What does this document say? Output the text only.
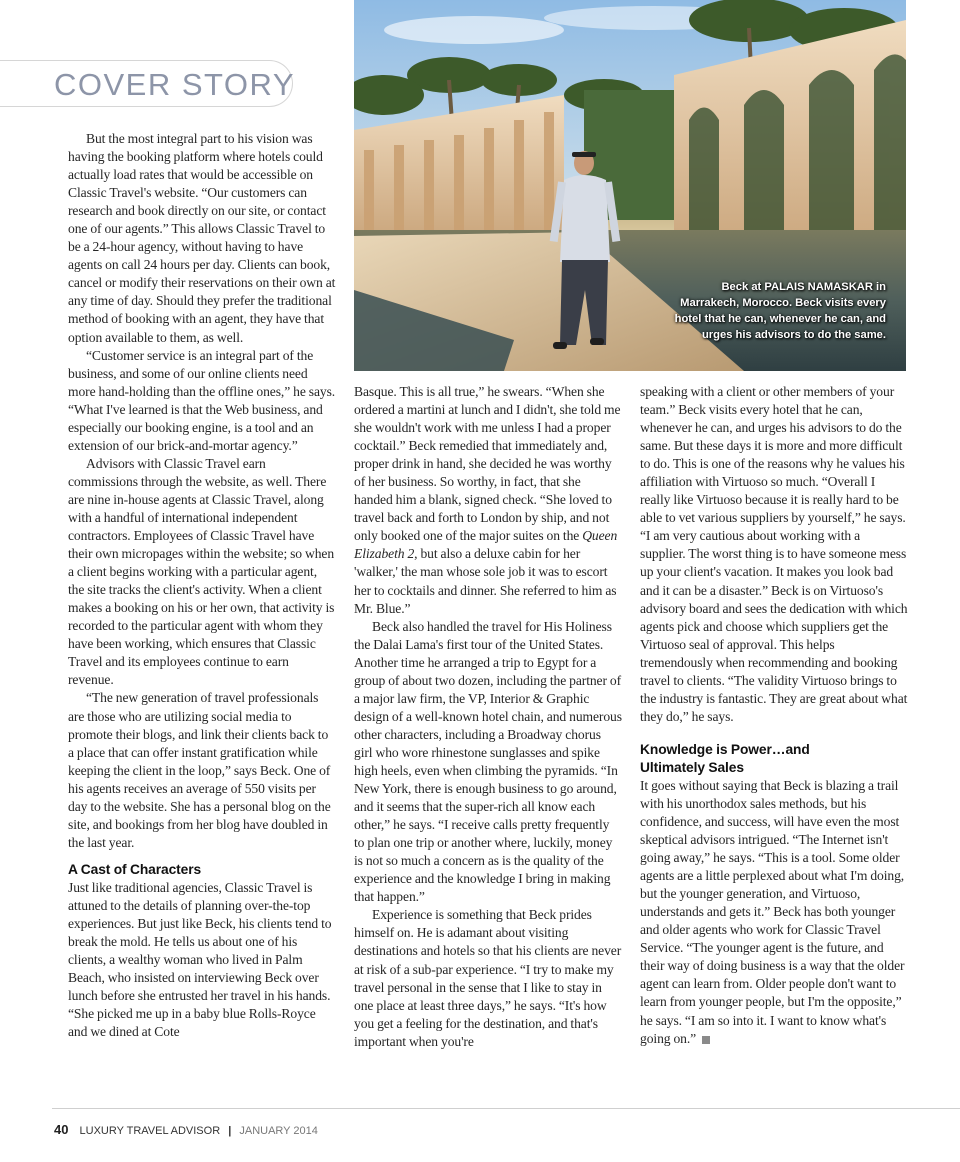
COVER STORY
Beck at PALAIS NAMASKAR in Marrakech, Morocco. Beck visits every hotel that he can, whenever he can, and urges his advisors to do the same.

But the most integral part to his vision was having the booking platform where hotels could actually load rates that would be accessible on Classic Travel's website. “Our customers can research and book directly on our site, or contact one of our agents.” This allows Classic Travel to be a 24-hour agency, without having to have agents on call 24 hours per day. Clients can book, cancel or modify their reservations on their own at any time of day. Should they prefer the traditional method of booking with an agent, they have that option available to them, as well.

“Customer service is an integral part of the business, and some of our online clients need more hand-holding than the offline ones,” he says. “What I've learned is that the Web business, and especially our booking engine, is a tool and an extension of our brick-and-mortar agency.”

Advisors with Classic Travel earn commissions through the website, as well. There are nine in-house agents at Classic Travel, along with a handful of international independent contractors. Employees of Classic Travel have their own micropages within the website; so when a client begins working with a particular agent, the site tracks the client's activity. When a client makes a booking on his or her own, that activity is recorded to the particular agent with whom they have been working, which ensures that Classic Travel and its employees continue to earn revenue.

“The new generation of travel professionals are those who are utilizing social media to promote their blogs, and link their clients back to a place that can offer instant gratification while keeping the client in the loop,” says Beck. One of his agents receives an average of 550 visits per day to the website. She has a personal blog on the site, and bookings from her blog have doubled in the last year.

A Cast of Characters

Just like traditional agencies, Classic Travel is attuned to the details of planning over-the-top experiences. But just like Beck, his clients tend to break the mold. He tells us about one of his clients, a wealthy woman who lived in Palm Beach, who insisted on interviewing Beck over lunch before she entrusted her travel in his hands. “She picked me up in a baby blue Rolls-Royce and we dined at Cote

Basque. This is all true,” he swears. “When she ordered a martini at lunch and I didn't, she told me she wouldn't work with me unless I had a proper cocktail.” Beck remedied that immediately and, proper drink in hand, she decided he was worthy of her business. So worthy, in fact, that she handed him a blank, signed check. “She loved to travel back and forth to London by ship, and not only booked one of the major suites on the Queen Elizabeth 2, but also a deluxe cabin for her 'walker,' the man whose sole job it was to escort her to cocktails and dinner. She referred to him as Mr. Blue.”

Beck also handled the travel for His Holiness the Dalai Lama's first tour of the United States. Another time he arranged a trip to Egypt for a group of about two dozen, including the partner of a major law firm, the VP, Interior & Graphic design of a well-known hotel chain, and numerous other characters, including a Broadway chorus girl who wore rhinestone sunglasses and spike high heels, even when climbing the pyramids. “In New York, there is enough business to go around, and it seems that the super-rich all know each other,” he says. “I receive calls pretty frequently to plan one trip or another where, luckily, money is not so much a concern as is the quality of the experience and the knowledge I bring in making that happen.”

Experience is something that Beck prides himself on. He is adamant about visiting destinations and hotels so that his clients are never at risk of a sub-par experience. “I try to make my travel personal in the sense that I like to stay in one place at least three days,” he says. “It's how you get a feeling for the destination, and that's important when you're

speaking with a client or other members of your team.” Beck visits every hotel that he can, whenever he can, and urges his advisors to do the same. But these days it is more and more difficult to do. This is one of the reasons why he values his affiliation with Virtuoso so much. “Overall I really like Virtuoso because it is really hard to be able to vet various suppliers by yourself,” he says. “I am very cautious about working with a supplier. The worst thing is to have someone mess up your client's vacation. It makes you look bad and it can be a disaster.” Beck is on Virtuoso's advisory board and sees the dedication with which agents pick and choose which suppliers get the Virtuoso seal of approval. This helps tremendously when recommending and booking travel to clients. “The validity Virtuoso brings to the industry is fantastic. They are great about what they do,” he says.

Knowledge is Power…and
Ultimately Sales

It goes without saying that Beck is blazing a trail with his unorthodox sales methods, but his confidence, and success, will have even the most skeptical advisors intrigued. “The Internet isn't going away,” he says. “This is a tool. Some older agents are a little perplexed about what I'm doing, but the younger generation, and Virtuoso, understands and gets it.” Beck has both younger and older agents who work for Classic Travel Service. “The younger agent is the future, and their way of doing business is a way that the older agent can learn from. Older people don't want to learn from younger people, but I'm the opposite,” he says. “I am so into it. I want to know what's going on.”

40 LUXURY TRAVEL ADVISOR | JANUARY 2014
